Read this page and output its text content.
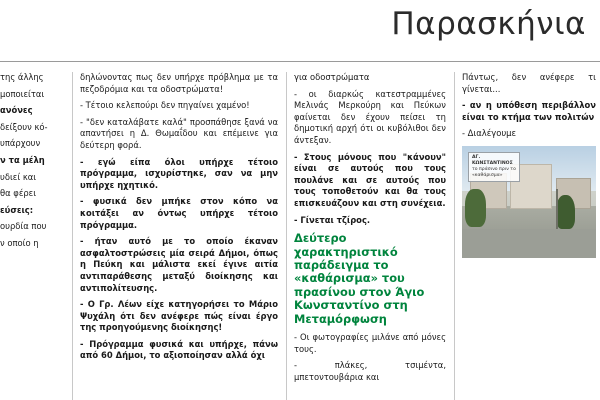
Παρασκήνια

της άλλης

μοποιείται

ανόνες

δείξουν κό-

υπάρχουν

ν τα μέλη

υδιεί και

θα φέρει

εύσεις:

ουρδία που

ν οποίο η

δηλώνοντας πως δεν υπήρχε πρόβλημα με τα πεζοδρόμια και τα οδοστρώματα!

- Τέτοιο κελεπούρι δεν πηγαίνει χαμένο!

- "δεν καταλάβατε καλά" προσπάθησε ξανά να απαντήσει η Δ. Θωμαΐδου και επέμεινε για δεύτερη φορά.

- εγώ είπα όλοι υπήρχε τέτοιο πρόγραμμα, ισχυρίστηκε, σαν να μην υπήρχε ηχητικό.

- φυσικά δεν μπήκε στον κόπο να κοιτάξει αν όντως υπήρχε τέτοιο πρόγραμμα.

- ήταν αυτό με το οποίο έκαναν ασφαλτοστρώσεις μία σειρά Δήμοι, όπως η Πεύκη και μάλιστα εκεί έγινε αιτία αντιπαράθεσης μεταξύ διοίκησης και αντιπολίτευσης.

- Ο Γρ. Λέων είχε κατηγορήσει το Μάριο Ψυχάλη ότι δεν ανέφερε πώς είναι έργο της προηγούμενης διοίκησης!

- Πρόγραμμα φυσικά και υπήρχε, πάνω από 60 Δήμοι, το αξιοποίησαν αλλά όχι

για οδοστρώματα

- οι διαρκώς κατεστραμμένες Μελινάς Μερκούρη και Πεύκων φαίνεται δεν έχουν πείσει τη δημοτική αρχή ότι οι κυβόλιθοι δεν άντεξαν.

- Στους μόνους που "κάνουν" είναι σε αυτούς που τους πουλάνε και σε αυτούς που τους τοποθετούν και θα τους επισκευάζουν και στη συνέχεια.

- Γίνεται τζίρος.

Δεύτερο χαρακτηριστικό παράδειγμα το «καθάρισμα» του πρασίνου στον Άγιο Κωνσταντίνο στη Μεταμόρφωση

- Οι φωτογραφίες μιλάνε από μόνες τους.

- πλάκες, τσιμέντα, μπετοντουβάρια και

Πάντως, δεν ανέφερε τι γίνεται...

- αν η υπόθεση περιβάλλον είναι το κτήμα των πολιτών

- Διαλέγουμε

ΑΓ. ΚΩΝΣΤΑΝΤΙΝΟΣ
το πράσινο πριν το «καθάρισμα»
